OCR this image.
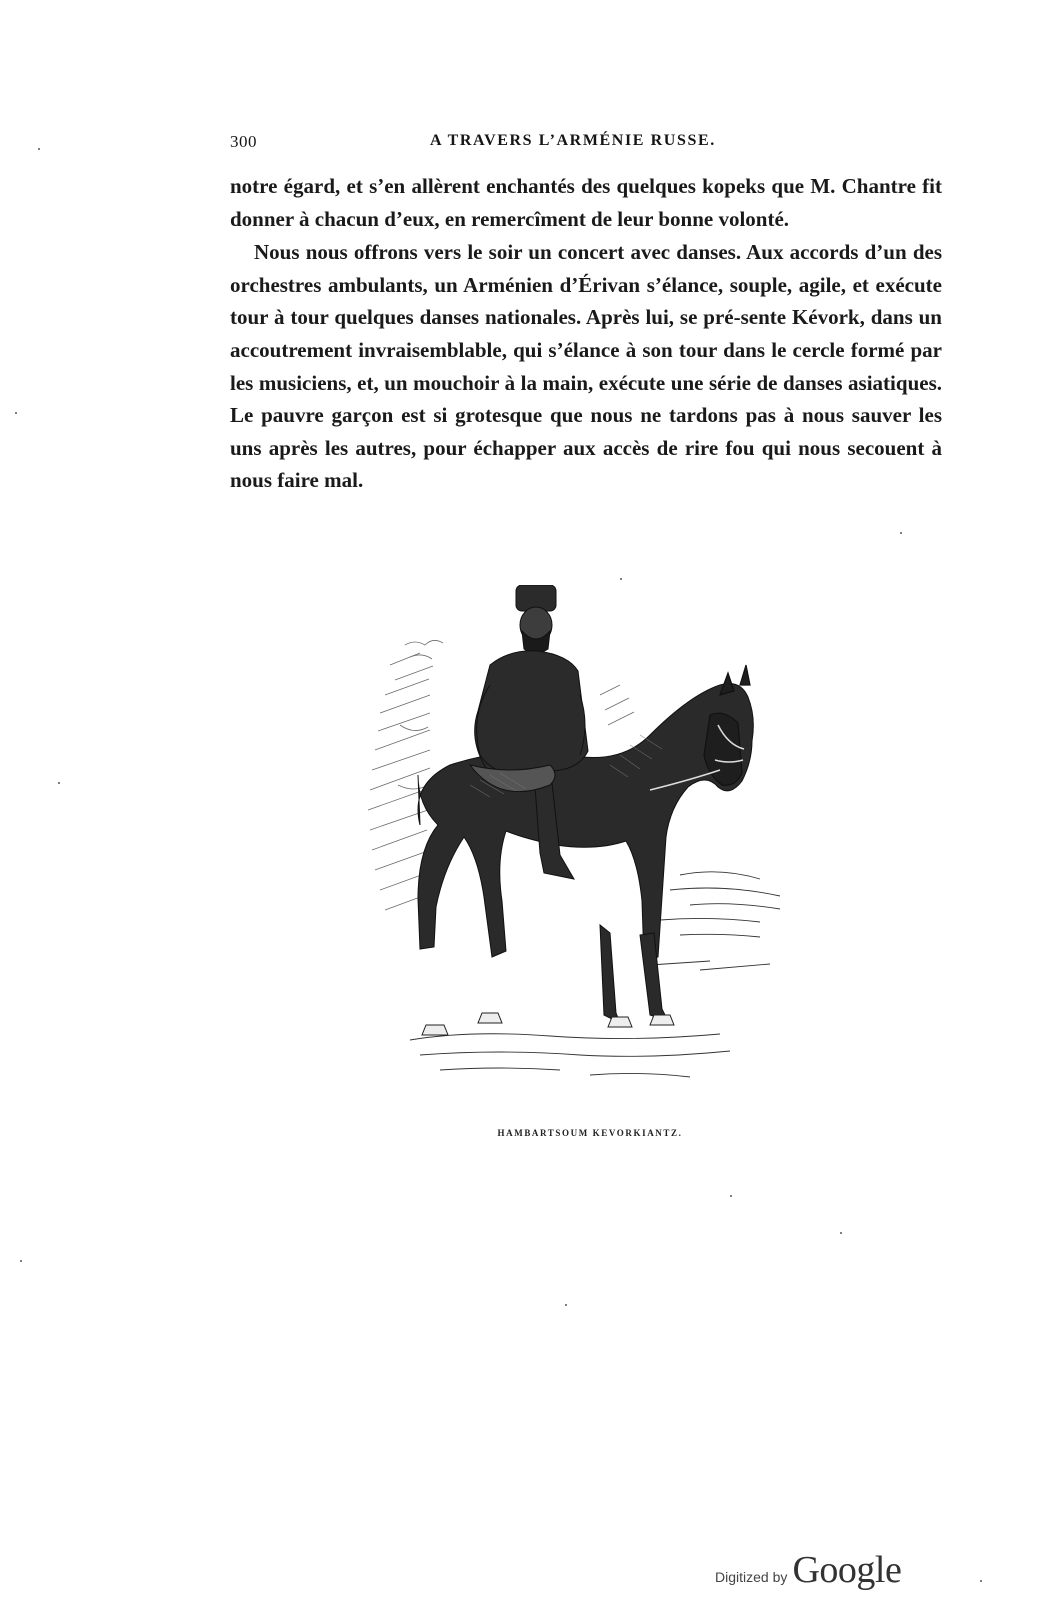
300	A TRAVERS L’ARMÉNIE RUSSE.

notre égard, et s’en allèrent enchantés des quelques kopeks que M. Chantre fit donner à chacun d’eux, en remercîment de leur bonne volonté.

Nous nous offrons vers le soir un concert avec danses. Aux accords d’un des orchestres ambulants, un Arménien d’Érivan s’élance, souple, agile, et exécute tour à tour quelques danses nationales. Après lui, se pré-sente Kévork, dans un accoutrement invraisemblable, qui s’élance à son tour dans le cercle formé par les musiciens, et, un mouchoir à la main, exécute une série de danses asiatiques. Le pauvre garçon est si grotesque que nous ne tardons pas à nous sauver les uns après les autres, pour échapper aux accès de rire fou qui nous secouent à nous faire mal.

HAMBARTSOUM KEVORKIANTZ.
Digitized by Google
